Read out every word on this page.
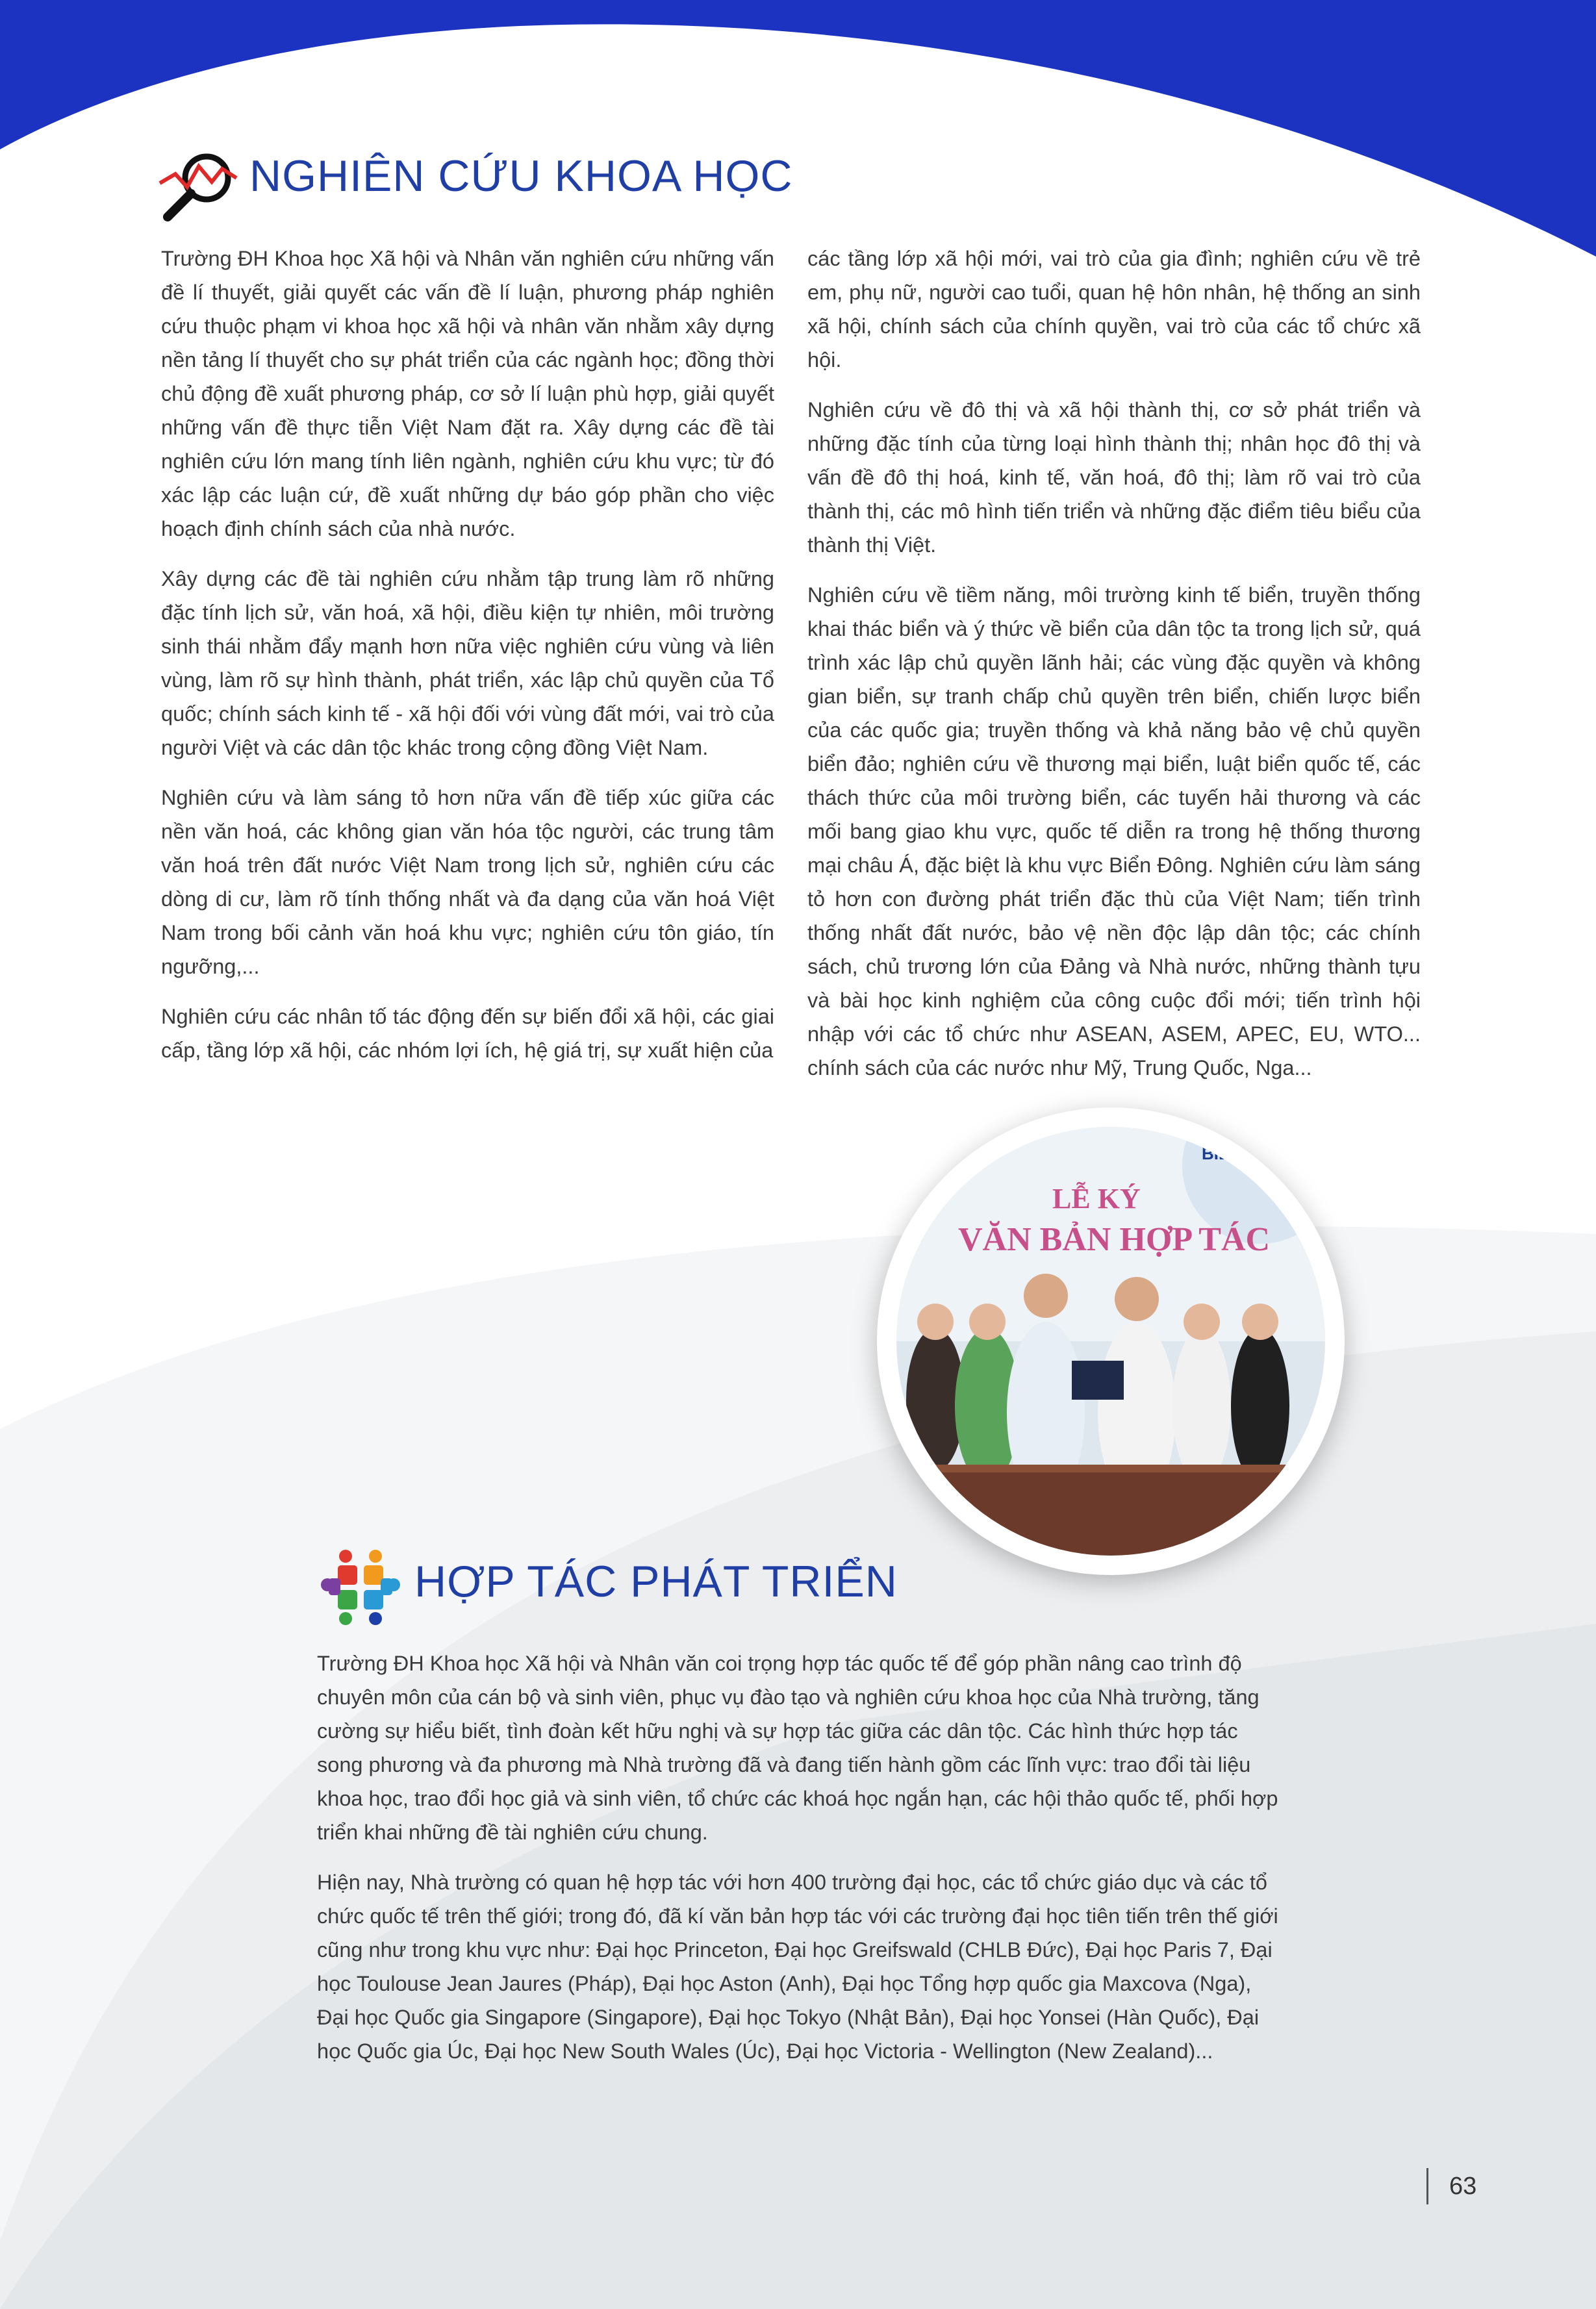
NGHIÊN CỨU KHOA HỌC

Trường ĐH Khoa học Xã hội và Nhân văn nghiên cứu những vấn đề lí thuyết, giải quyết các vấn đề lí luận, phương pháp nghiên cứu thuộc phạm vi khoa học xã hội và nhân văn nhằm xây dựng nền tảng lí thuyết cho sự phát triển của các ngành học; đồng thời chủ động đề xuất phương pháp, cơ sở lí luận phù hợp, giải quyết những vấn đề thực tiễn Việt Nam đặt ra. Xây dựng các đề tài nghiên cứu lớn mang tính liên ngành, nghiên cứu khu vực; từ đó xác lập các luận cứ, đề xuất những dự báo góp phần cho việc hoạch định chính sách của nhà nước.

Xây dựng các đề tài nghiên cứu nhằm tập trung làm rõ những đặc tính lịch sử, văn hoá, xã hội, điều kiện tự nhiên, môi trường sinh thái nhằm đẩy mạnh hơn nữa việc nghiên cứu vùng và liên vùng, làm rõ sự hình thành, phát triển, xác lập chủ quyền của Tổ quốc; chính sách kinh tế - xã hội đối với vùng đất mới, vai trò của người Việt và các dân tộc khác trong cộng đồng Việt Nam.

Nghiên cứu và làm sáng tỏ hơn nữa vấn đề tiếp xúc giữa các nền văn hoá, các không gian văn hóa tộc người, các trung tâm văn hoá trên đất nước Việt Nam trong lịch sử, nghiên cứu các dòng di cư, làm rõ tính thống nhất và đa dạng của văn hoá Việt Nam trong bối cảnh văn hoá khu vực; nghiên cứu tôn giáo, tín ngưỡng,...

Nghiên cứu các nhân tố tác động đến sự biến đổi xã hội, các giai cấp, tầng lớp xã hội, các nhóm lợi ích, hệ giá trị, sự xuất hiện của

các tầng lớp xã hội mới, vai trò của gia đình; nghiên cứu về trẻ em, phụ nữ, người cao tuổi, quan hệ hôn nhân, hệ thống an sinh xã hội, chính sách của chính quyền, vai trò của các tổ chức xã hội.

Nghiên cứu về đô thị và xã hội thành thị, cơ sở phát triển và những đặc tính của từng loại hình thành thị; nhân học đô thị và vấn đề đô thị hoá, kinh tế, văn hoá, đô thị; làm rõ vai trò của thành thị, các mô hình tiến triển và những đặc điểm tiêu biểu của thành thị Việt.

Nghiên cứu về tiềm năng, môi trường kinh tế biển, truyền thống khai thác biển và ý thức về biển của dân tộc ta trong lịch sử, quá trình xác lập chủ quyền lãnh hải; các vùng đặc quyền và không gian biển, sự tranh chấp chủ quyền trên biển, chiến lược biển của các quốc gia; truyền thống và khả năng bảo vệ chủ quyền biển đảo; nghiên cứu về thương mại biển, luật biển quốc tế, các thách thức của môi trường biển, các tuyến hải thương và các mối bang giao khu vực, quốc tế diễn ra trong hệ thống thương mại châu Á, đặc biệt là khu vực Biển Đông. Nghiên cứu làm sáng tỏ hơn con đường phát triển đặc thù của Việt Nam; tiến trình thống nhất đất nước, bảo vệ nền độc lập dân tộc; các chính sách, chủ trương lớn của Đảng và Nhà nước, những thành tựu và bài học kinh nghiệm của công cuộc đổi mới; tiến trình hội nhập với các tổ chức như ASEAN, ASEM, APEC, EU, WTO... chính sách của các nước như Mỹ, Trung Quốc, Nga...

BIDV
LỄ KÝ
VĂN BẢN HỢP TÁC
HỢP TÁC PHÁT TRIỂN

Trường ĐH Khoa học Xã hội và Nhân văn coi trọng hợp tác quốc tế để góp phần nâng cao trình độ chuyên môn của cán bộ và sinh viên, phục vụ đào tạo và nghiên cứu khoa học của Nhà trường, tăng cường sự hiểu biết, tình đoàn kết hữu nghị và sự hợp tác giữa các dân tộc. Các hình thức hợp tác song phương và đa phương mà Nhà trường đã và đang tiến hành gồm các lĩnh vực: trao đổi tài liệu khoa học, trao đổi học giả và sinh viên, tổ chức các khoá học ngắn hạn, các hội thảo quốc tế, phối hợp triển khai những đề tài nghiên cứu chung.

Hiện nay, Nhà trường có quan hệ hợp tác với hơn 400 trường đại học, các tổ chức giáo dục và các tổ chức quốc tế trên thế giới; trong đó, đã kí văn bản hợp tác với các trường đại học tiên tiến trên thế giới cũng như trong khu vực như: Đại học Princeton, Đại học Greifswald (CHLB Đức), Đại học Paris 7, Đại học Toulouse Jean Jaures (Pháp), Đại học Aston (Anh), Đại học Tổng hợp quốc gia Maxcova (Nga), Đại học Quốc gia Singapore (Singapore), Đại học Tokyo (Nhật Bản), Đại học Yonsei (Hàn Quốc), Đại học Quốc gia Úc, Đại học New South Wales (Úc), Đại học Victoria - Wellington (New Zealand)...

63
